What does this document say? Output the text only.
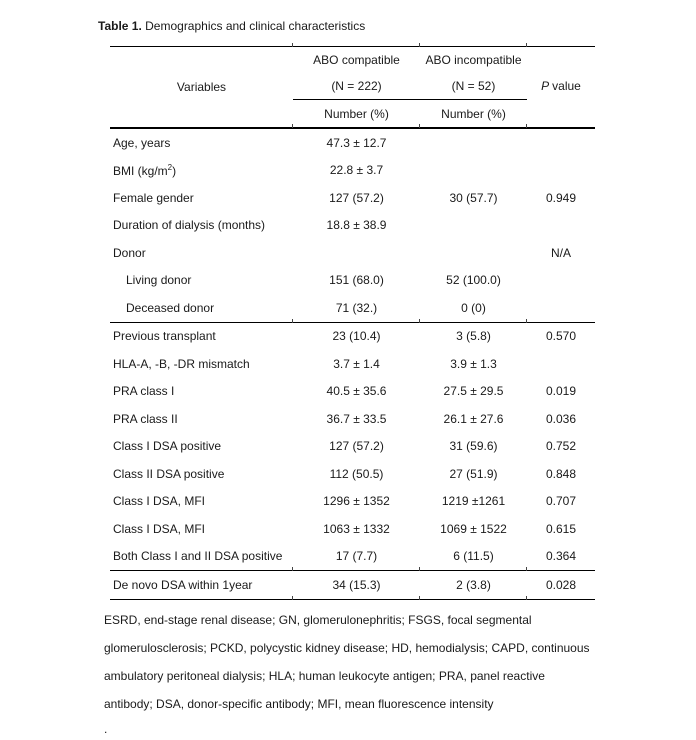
Table 1. Demographics and clinical characteristics
Variables	ABO compatible	ABO incompatible	
	(N = 222)	(N = 52)	P value
	Number (%)	Number (%)	
Age, years	47.3 ± 12.7		
BMI $(kg/m^2)$	22.8 ± 3.7		
Female gender	127 (57.2)	30 (57.7)	0.949
Duration of dialysis (months)	18.8 ± 38.9		
Donor			N/A
Living donor	151 (68.0)	52 (100.0)	
Deceased donor	71 (32.)	0 (0)	
Previous transplant	23 (10.4)	3 (5.8)	0.570
HLA-A, -B, -DR mismatch	3.7 ± 1.4	3.9 ± 1.3	
PRA class I	40.5 ± 35.6	27.5 ± 29.5	0.019
PRA class II	36.7 ± 33.5	26.1 ± 27.6	0.036
Class I DSA positive	127 (57.2)	31 (59.6)	0.752
Class II DSA positive	112 (50.5)	27 (51.9)	0.848
Class I DSA, MFI	1296 ± 1352	1219 ±1261	0.707
Class I DSA, MFI	1063 ± 1332	1069 ± 1522	0.615
Both Class I and II DSA positive	17 (7.7)	6 (11.5)	0.364
De novo DSA within 1year	34 (15.3)	2 (3.8)	0.028
ESRD, end-stage renal disease; GN, glomerulonephritis; FSGS, focal segmental
glomerulosclerosis; PCKD, polycystic kidney disease; HD, hemodialysis; CAPD, continuous
ambulatory peritoneal dialysis; HLA; human leukocyte antigen; PRA, panel reactive
antibody; DSA, donor-specific antibody; MFI, mean fluorescence intensity
.
